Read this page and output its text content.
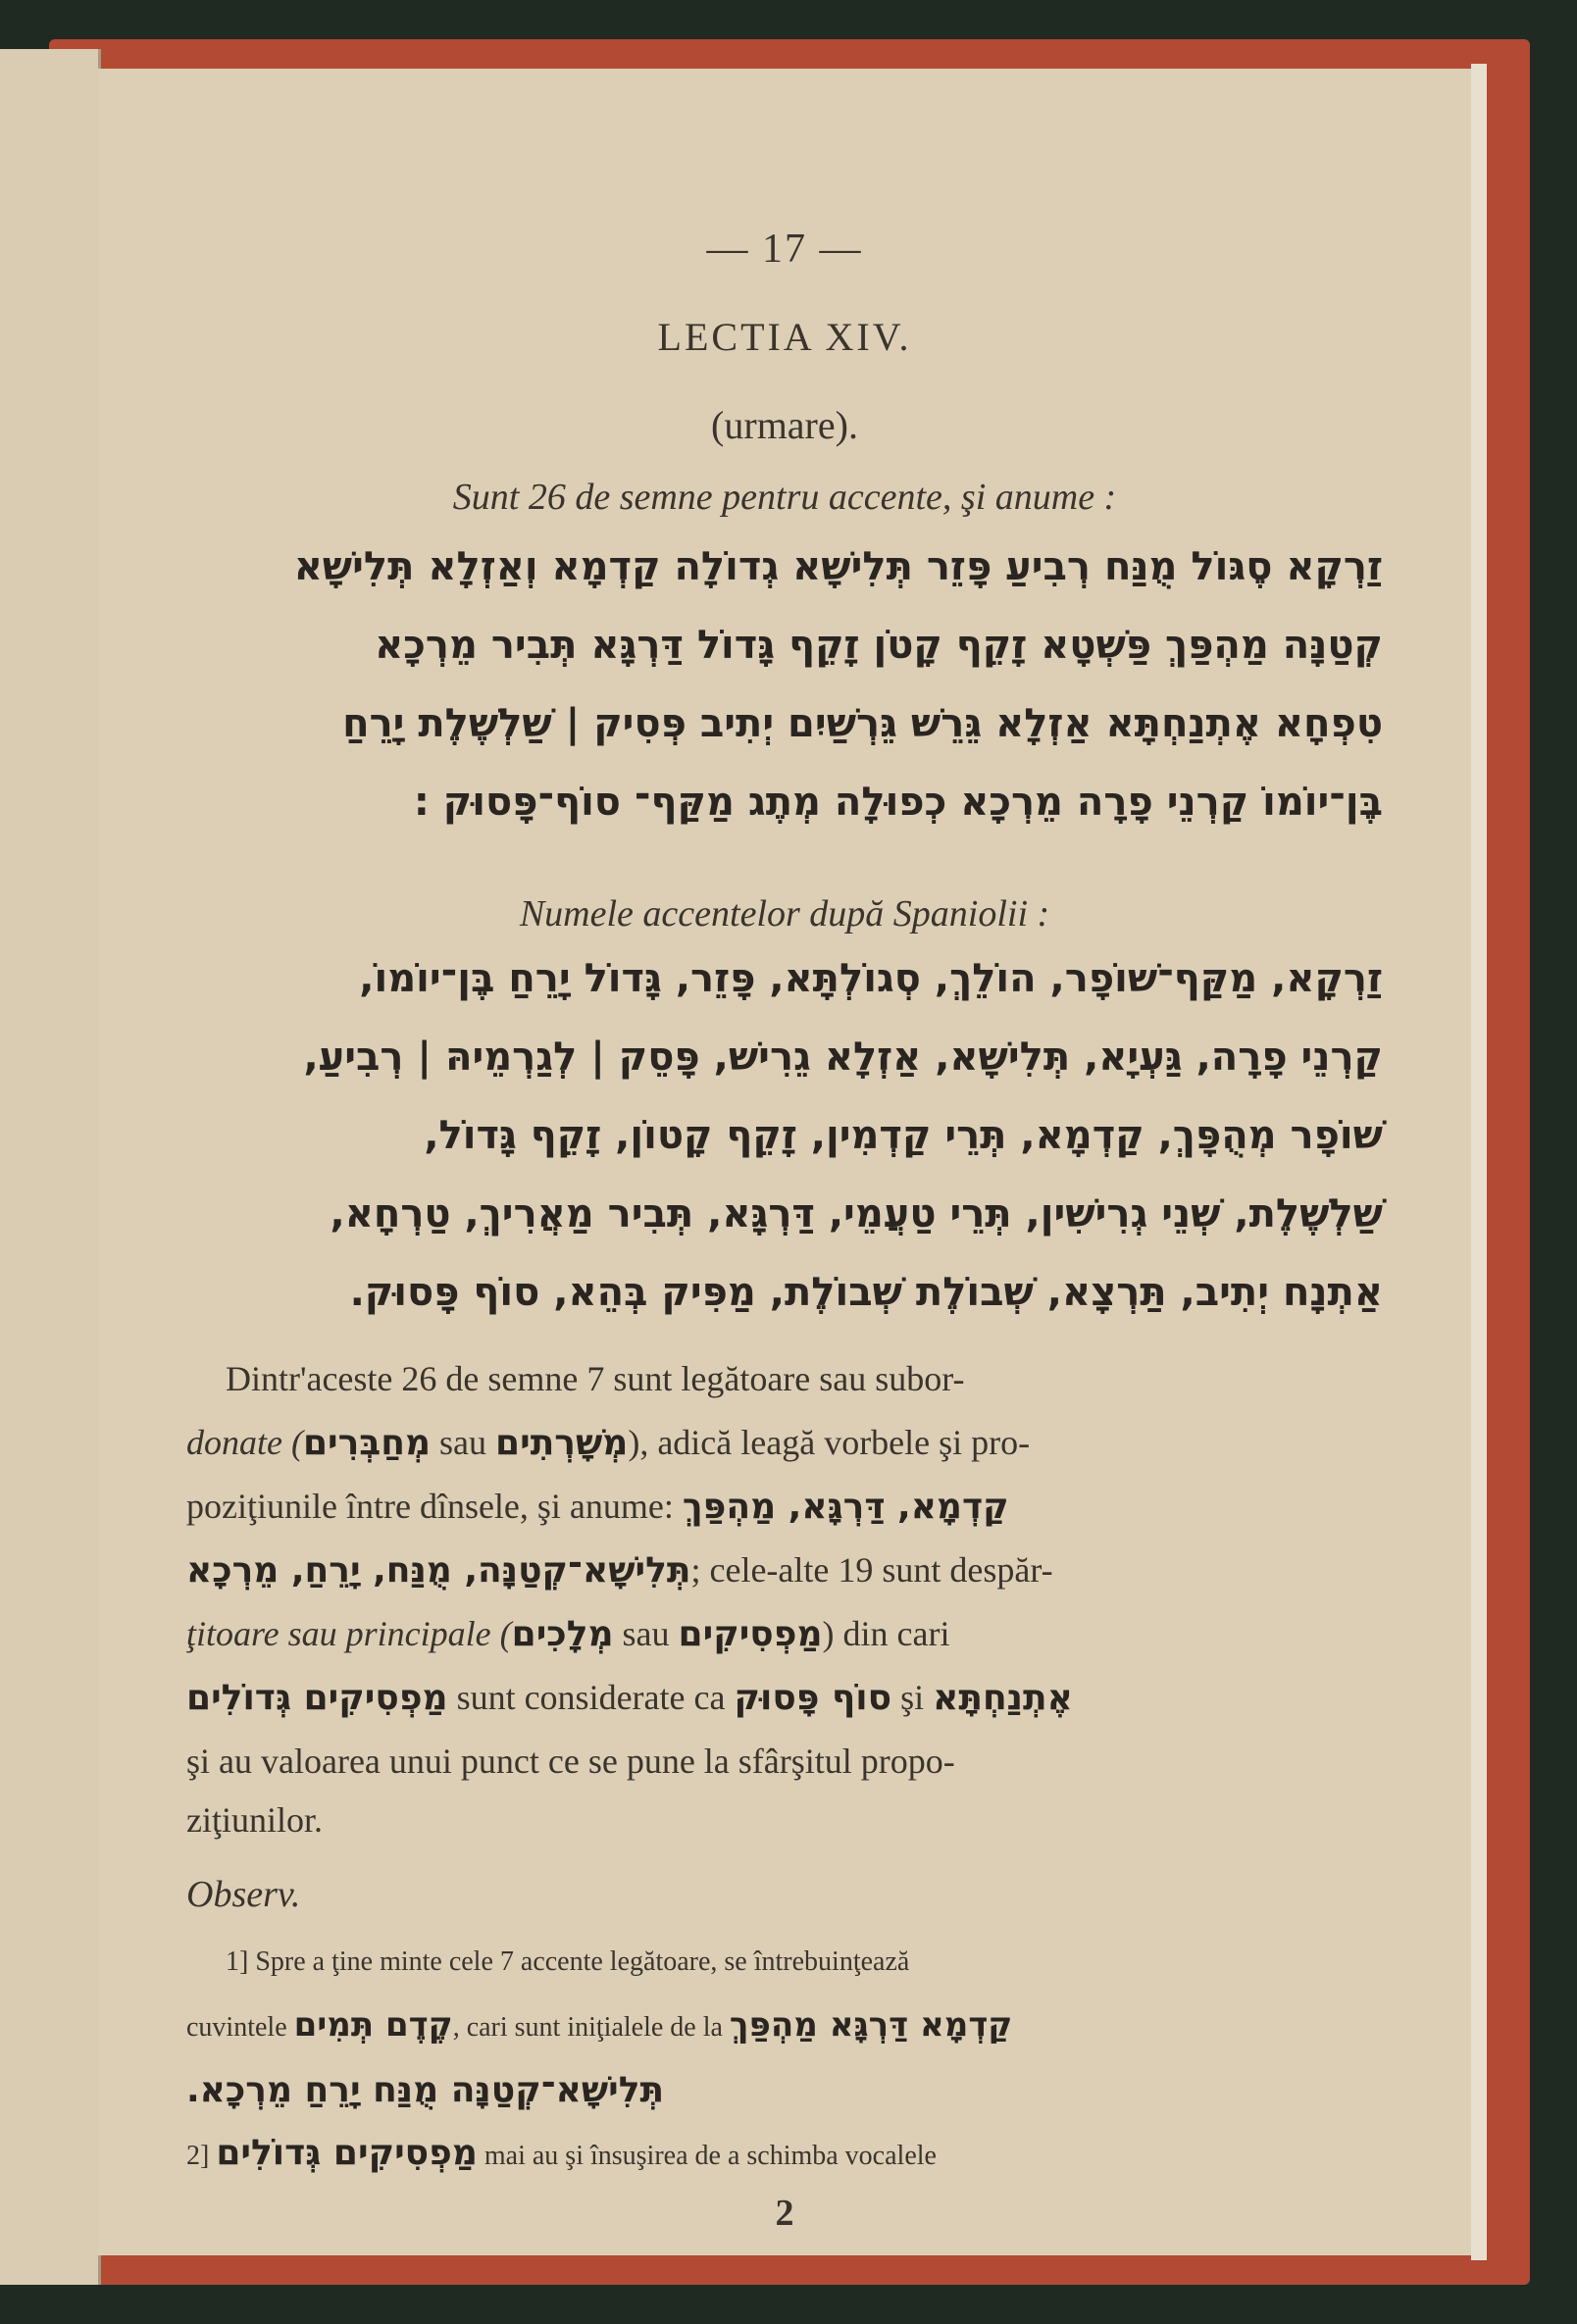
— 17 —
LECTIA XIV.
(urmare).
Sunt 26 de semne pentru accente, şi anume :
זַרְקָא סֶגּוֹל מֻנַּח רְבִיעַ פָּזֵר תְּלִישָׁא גְדוֹלָה קַדְמָא וְאַזְלָא תְּלִישָׁא
קְטַנָּה מַהְפַּךְ פַּשְׁטָא זָקֵף קָטֹן זָקֵף גָּדוֹל דַּרְגָּא תְּבִיר מֵרְכָא
טִפְחָא אֶתְנַחְתָּא אַזְלָא גֵּרֵשׁ גֵּרְשַׁיִם יְתִיב פְּסִיק | שַׁלְשֶׁלֶת יָרֵחַ
בֶּן־יוֹמוֹ קַרְנֵי פָרָה מֵרְכָא כְפוּלָה מְתֶג מַקַּף־ סוֹף־פָּסוּק :
Numele accentelor după Spaniolii :
זַרְקָא, מַקַּף־שׁוֹפָר, הוֹלֵךְ, סְגוֹלְתָּא, פָּזֵר, גָּדוֹל יָרֵחַ בֶּן־יוֹמוֹ,
קַרְנֵי פָרָה, גַּעְיָא, תְּלִישָׁא, אַזְלָא גֵרִישׁ, פָּסֵק | לְגַרְמֵיהּ | רְבִיעַ,
שׁוֹפָר מְהֻפָּךְ, קַדְמָא, תְּרֵי קַדְמִין, זָקֵף קָטוֹן, זָקֵף גָּדוֹל,
שַׁלְשֶׁלֶת, שְׁנֵי גְרִישִׁין, תְּרֵי טַעֲמֵי, דַּרְגָּא, תְּבִיר מַאֲרִיךְ, טַרְחָא,
אַתְנָח יְתִיב, תַּרְצָא, שְׁבוֹלֶת שְׁבוֹלֶת, מַפִּיק בְּהֵא, סוֹף פָּסוּק.
Dintr'aceste 26 de semne 7 sunt legătoare sau subor-
donate (מְחַבְּרִים sau מְשָׁרְתִים), adică leagă vorbele şi pro-
poziţiunile între dînsele, şi anume: קַדְמָא, דַּרְגָּא, מַהְפַּךְ
תְּלִישָׁא־קְטַנָּה, מֻנַּח, יָרֵחַ, מֵרְכָא; cele-alte 19 sunt despăr-
ţitoare sau principale (מְלָכִים sau מַפְסִיקִים) din cari
מַפְסִיקִים גְּדוֹלִים sunt considerate ca סוֹף פָּסוּק şi אֶתְנַחְתָּא
şi au valoarea unui punct ce se pune la sfârşitul propo-
ziţiunilor.
Observ.
1] Spre a ţine minte cele 7 accente legătoare, se întrebuinţează
cuvintele קֶדֶם תְּמִים, cari sunt iniţialele de la קַדְמָא דַּרְגָּא מַהְפַּךְ
תְּלִישָׁא־קְטַנָּה מֻנַּח יָרֵחַ מֵרְכָא.
2] מַפְסִיקִים גְּדוֹלִים mai au şi însuşirea de a schimba vocalele
2
